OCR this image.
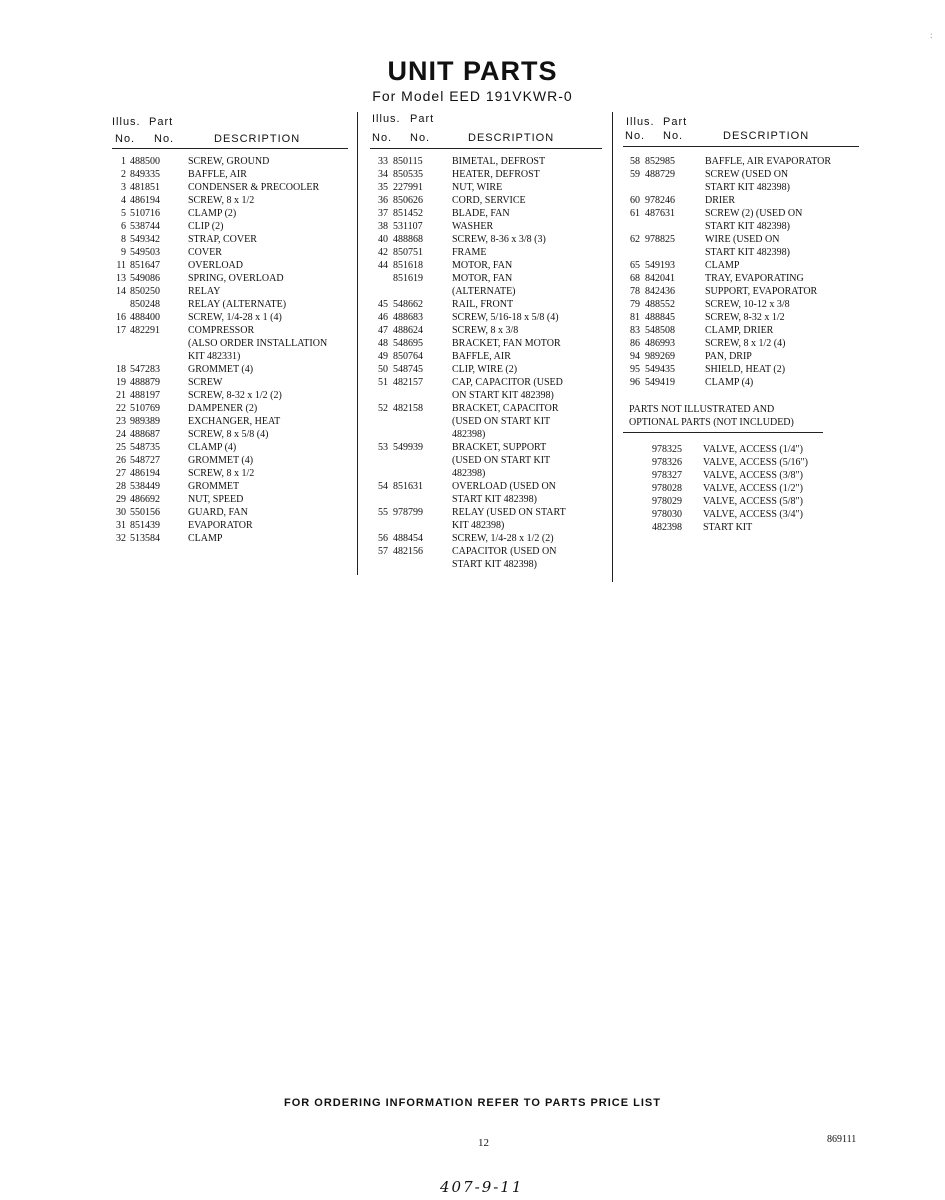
UNIT PARTS
For Model EED 191VKWR-0
:
Illus. Part
No. No.	DESCRIPTION
1 488500	SCREW, GROUND
2 849335	BAFFLE, AIR
3 481851	CONDENSER & PRECOOLER
4 486194	SCREW, 8 x 1/2
5 510716	CLAMP (2)
6 538744	CLIP (2)
8 549342	STRAP, COVER
9 549503	COVER
11 851647	OVERLOAD
13 549086	SPRING, OVERLOAD
14 850250	RELAY
850248	RELAY (ALTERNATE)
16 488400	SCREW, 1/4-28 x 1 (4)
17 482291	COMPRESSOR
(ALSO ORDER INSTALLATION
KIT 482331)
18 547283	GROMMET (4)
19 488879	SCREW
21 488197	SCREW, 8-32 x 1/2 (2)
22 510769	DAMPENER (2)
23 989389	EXCHANGER, HEAT
24 488687	SCREW, 8 x 5/8 (4)
25 548735	CLAMP (4)
26 548727	GROMMET (4)
27 486194	SCREW, 8 x 1/2
28 538449	GROMMET
29 486692	NUT, SPEED
30 550156	GUARD, FAN
31 851439	EVAPORATOR
32 513584	CLAMP
Illus. Part
No. No.	DESCRIPTION
33 850115	BIMETAL, DEFROST
34 850535	HEATER, DEFROST
35 227991	NUT, WIRE
36 850626	CORD, SERVICE
37 851452	BLADE, FAN
38 531107	WASHER
40 488868	SCREW, 8-36 x 3/8 (3)
42 850751	FRAME
44 851618	MOTOR, FAN
851619	MOTOR, FAN
(ALTERNATE)
45 548662	RAIL, FRONT
46 488683	SCREW, 5/16-18 x 5/8 (4)
47 488624	SCREW, 8 x 3/8
48 548695	BRACKET, FAN MOTOR
49 850764	BAFFLE, AIR
50 548745	CLIP, WIRE (2)
51 482157	CAP, CAPACITOR (USED
ON START KIT 482398)
52 482158	BRACKET, CAPACITOR
(USED ON START KIT
482398)
53 549939	BRACKET, SUPPORT
(USED ON START KIT
482398)
54 851631	OVERLOAD (USED ON
START KIT 482398)
55 978799	RELAY (USED ON START
KIT 482398)
56 488454	SCREW, 1/4-28 x 1/2 (2)
57 482156	CAPACITOR (USED ON
START KIT 482398)
Illus. Part
No. No.	DESCRIPTION
58 852985	BAFFLE, AIR EVAPORATOR
59 488729	SCREW (USED ON
START KIT 482398)
60 978246	DRIER
61 487631	SCREW (2) (USED ON
START KIT 482398)
62 978825	WIRE (USED ON
START KIT 482398)
65 549193	CLAMP
68 842041	TRAY, EVAPORATING
78 842436	SUPPORT, EVAPORATOR
79 488552	SCREW, 10-12 x 3/8
81 488845	SCREW, 8-32 x 1/2
83 548508	CLAMP, DRIER
86 486993	SCREW, 8 x 1/2 (4)
94 989269	PAN, DRIP
95 549435	SHIELD, HEAT (2)
96 549419	CLAMP (4)
PARTS NOT ILLUSTRATED AND
OPTIONAL PARTS (NOT INCLUDED)
978325 VALVE, ACCESS (1/4")
978326 VALVE, ACCESS (5/16")
978327 VALVE, ACCESS (3/8")
978028 VALVE, ACCESS (1/2")
978029 VALVE, ACCESS (5/8")
978030 VALVE, ACCESS (3/4")
482398 START KIT
FOR ORDERING INFORMATION REFER TO PARTS PRICE LIST
12	869111
407-9-11
